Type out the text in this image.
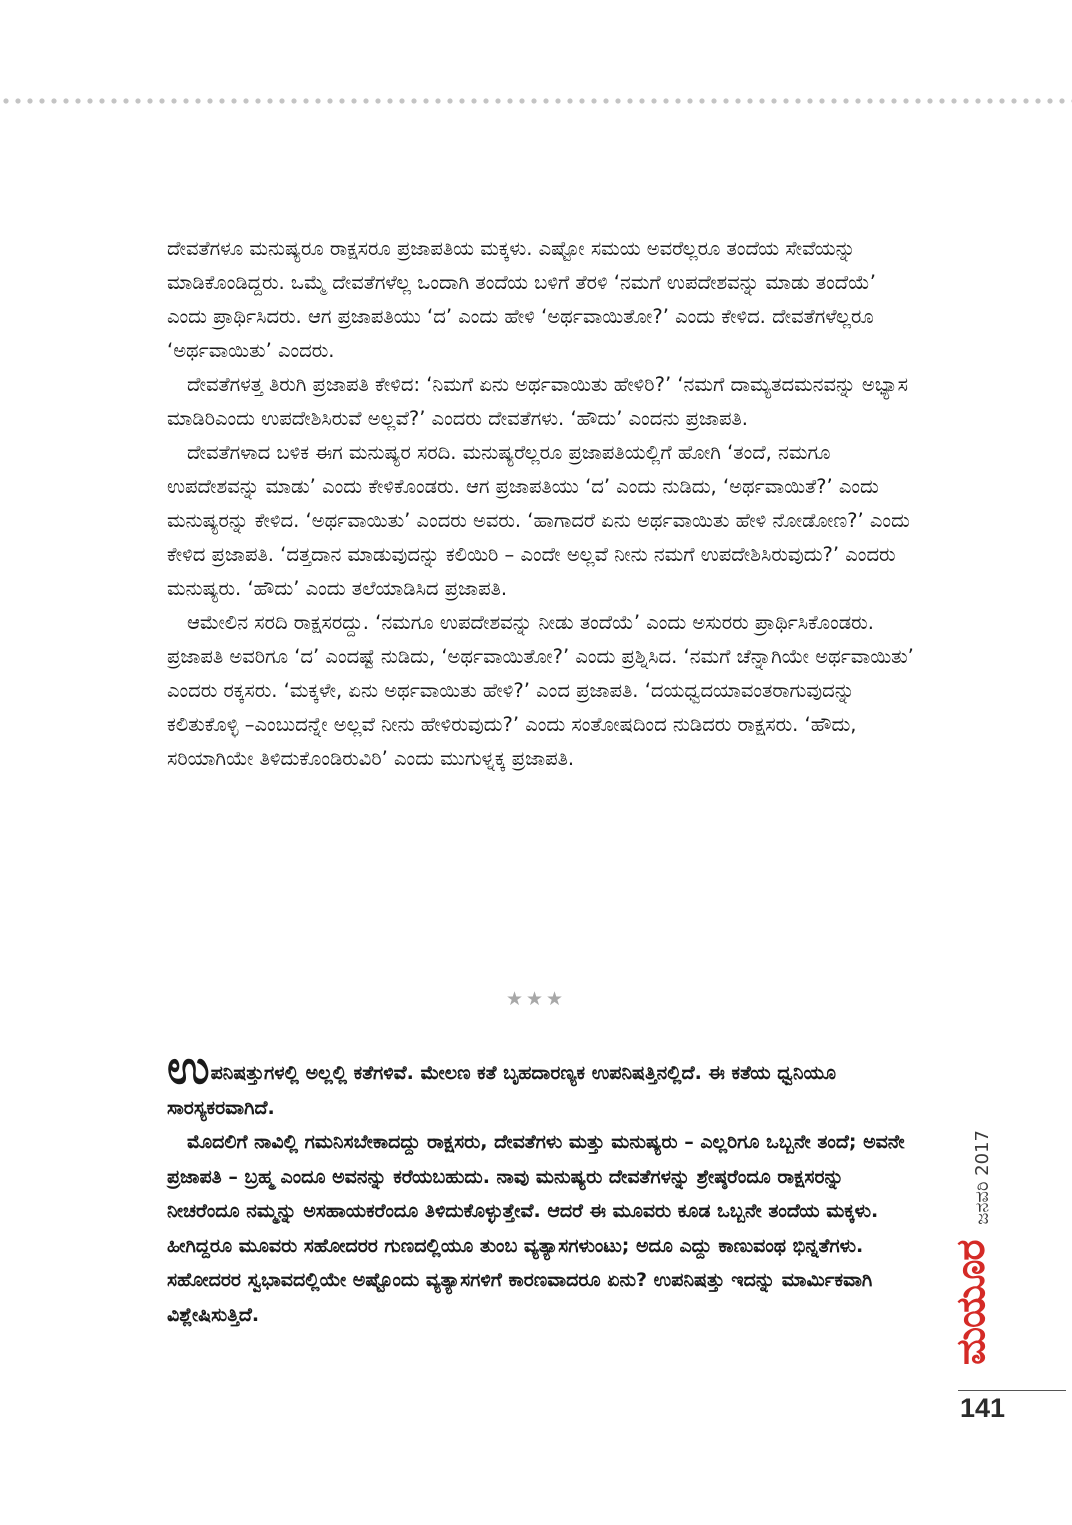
ದೇವತೆಗಳೂ ಮನುಷ್ಯರೂ ರಾಕ್ಷಸರೂ ಪ್ರಜಾಪತಿಯ ಮಕ್ಕಳು. ಎಷ್ಟೋ ಸಮಯ ಅವರೆಲ್ಲರೂ ತಂದೆಯ ಸೇವೆಯನ್ನು ಮಾಡಿಕೊಂಡಿದ್ದರು. ಒಮ್ಮೆ ದೇವತೆಗಳೆಲ್ಲ ಒಂದಾಗಿ ತಂದೆಯ ಬಳಿಗೆ ತೆರಳಿ ‘ನಮಗೆ ಉಪದೇಶವನ್ನು ಮಾಡು ತಂದೆಯೆ’ ಎಂದು ಪ್ರಾರ್ಥಿಸಿದರು. ಆಗ ಪ್ರಜಾಪತಿಯು ‘ದ’ ಎಂದು ಹೇಳಿ ‘ಅರ್ಥವಾಯಿತೋ?’ ಎಂದು ಕೇಳಿದ. ದೇವತೆಗಳೆಲ್ಲರೂ ‘ಅರ್ಥವಾಯಿತು’ ಎಂದರು.

ದೇವತೆಗಳತ್ತ ತಿರುಗಿ ಪ್ರಜಾಪತಿ ಕೇಳಿದ: ‘ನಿಮಗೆ ಏನು ಅರ್ಥವಾಯಿತು ಹೇಳಿರಿ?’ ‘ನಮಗೆ ದಾಮ್ಯತದಮನವನ್ನು ಅಭ್ಯಾಸ ಮಾಡಿರಿಎಂದು ಉಪದೇಶಿಸಿರುವೆ ಅಲ್ಲವೆ?’ ಎಂದರು ದೇವತೆಗಳು. ‘ಹೌದು’ ಎಂದನು ಪ್ರಜಾಪತಿ.

ದೇವತೆಗಳಾದ ಬಳಿಕ ಈಗ ಮನುಷ್ಯರ ಸರದಿ. ಮನುಷ್ಯರೆಲ್ಲರೂ ಪ್ರಜಾಪತಿಯಲ್ಲಿಗೆ ಹೋಗಿ ‘ತಂದೆ, ನಮಗೂ ಉಪದೇಶವನ್ನು ಮಾಡು’ ಎಂದು ಕೇಳಿಕೊಂಡರು. ಆಗ ಪ್ರಜಾಪತಿಯು ‘ದ’ ಎಂದು ನುಡಿದು, ‘ಅರ್ಥವಾಯಿತೆ?’ ಎಂದು ಮನುಷ್ಯರನ್ನು ಕೇಳಿದ. ‘ಅರ್ಥವಾಯಿತು’ ಎಂದರು ಅವರು. ‘ಹಾಗಾದರೆ ಏನು ಅರ್ಥವಾಯಿತು ಹೇಳಿ ನೋಡೋಣ?’ ಎಂದು ಕೇಳಿದ ಪ್ರಜಾಪತಿ. ‘ದತ್ತದಾನ ಮಾಡುವುದನ್ನು ಕಲಿಯಿರಿ – ಎಂದೇ ಅಲ್ಲವೆ ನೀನು ನಮಗೆ ಉಪದೇಶಿಸಿರುವುದು?’ ಎಂದರು ಮನುಷ್ಯರು. ‘ಹೌದು’ ಎಂದು ತಲೆಯಾಡಿಸಿದ ಪ್ರಜಾಪತಿ.

ಆಮೇಲಿನ ಸರದಿ ರಾಕ್ಷಸರದ್ದು. ‘ನಮಗೂ ಉಪದೇಶವನ್ನು ನೀಡು ತಂದೆಯೆ’ ಎಂದು ಅಸುರರು ಪ್ರಾರ್ಥಿಸಿಕೊಂಡರು. ಪ್ರಜಾಪತಿ ಅವರಿಗೂ ‘ದ’ ಎಂದಷ್ಟೆ ನುಡಿದು, ‘ಅರ್ಥವಾಯಿತೋ?’ ಎಂದು ಪ್ರಶ್ನಿಸಿದ. ‘ನಮಗೆ ಚೆನ್ನಾಗಿಯೇ ಅರ್ಥವಾಯಿತು’ ಎಂದರು ರಕ್ಕಸರು. ‘ಮಕ್ಕಳೇ, ಏನು ಅರ್ಥವಾಯಿತು ಹೇಳಿ?’ ಎಂದ ಪ್ರಜಾಪತಿ. ‘ದಯಧ್ವದಯಾವಂತರಾಗುವುದನ್ನು ಕಲಿತುಕೊಳ್ಳಿ –ಎಂಬುದನ್ನೇ ಅಲ್ಲವೆ ನೀನು ಹೇಳಿರುವುದು?’ ಎಂದು ಸಂತೋಷದಿಂದ ನುಡಿದರು ರಾಕ್ಷಸರು. ‘ಹೌದು, ಸರಿಯಾಗಿಯೇ ತಿಳಿದುಕೊಂಡಿರುವಿರಿ’ ಎಂದು ಮುಗುಳ್ನಕ್ಕ ಪ್ರಜಾಪತಿ.

★★★

ಉಪನಿಷತ್ತುಗಳಲ್ಲಿ ಅಲ್ಲಲ್ಲಿ ಕತೆಗಳಿವೆ. ಮೇಲಣ ಕತೆ ಬೃಹದಾರಣ್ಯಕ ಉಪನಿಷತ್ತಿನಲ್ಲಿದೆ. ಈ ಕತೆಯ ಧ್ವನಿಯೂ ಸಾರಸ್ಯಕರವಾಗಿದೆ.

ಮೊದಲಿಗೆ ನಾವಿಲ್ಲಿ ಗಮನಿಸಬೇಕಾದದ್ದು ರಾಕ್ಷಸರು, ದೇವತೆಗಳು ಮತ್ತು ಮನುಷ್ಯರು – ಎಲ್ಲರಿಗೂ ಒಬ್ಬನೇ ತಂದೆ; ಅವನೇ ಪ್ರಜಾಪತಿ – ಬ್ರಹ್ಮ ಎಂದೂ ಅವನನ್ನು ಕರೆಯಬಹುದು. ನಾವು ಮನುಷ್ಯರು ದೇವತೆಗಳನ್ನು ಶ್ರೇಷ್ಠರೆಂದೂ ರಾಕ್ಷಸರನ್ನು ನೀಚರೆಂದೂ ನಮ್ಮನ್ನು ಅಸಹಾಯಕರೆಂದೂ ತಿಳಿದುಕೊಳ್ಳುತ್ತೇವೆ. ಆದರೆ ಈ ಮೂವರು ಕೂಡ ಒಬ್ಬನೇ ತಂದೆಯ ಮಕ್ಕಳು. ಹೀಗಿದ್ದರೂ ಮೂವರು ಸಹೋದರರ ಗುಣದಲ್ಲಿಯೂ ತುಂಬ ವ್ಯತ್ಯಾಸಗಳುಂಟು; ಅದೂ ಎದ್ದು ಕಾಣುವಂಥ ಭಿನ್ನತೆಗಳು. ಸಹೋದರರ ಸ್ವಭಾವದಲ್ಲಿಯೇ ಅಷ್ಟೊಂದು ವ್ಯತ್ಯಾಸಗಳಿಗೆ ಕಾರಣವಾದರೂ ಏನು? ಉಪನಿಷತ್ತು ಇದನ್ನು ಮಾರ್ಮಿಕವಾಗಿ ವಿಶ್ಲೇಷಿಸುತ್ತಿದೆ.

ಜನವರಿ 2017
ಮಯೂರ
141
